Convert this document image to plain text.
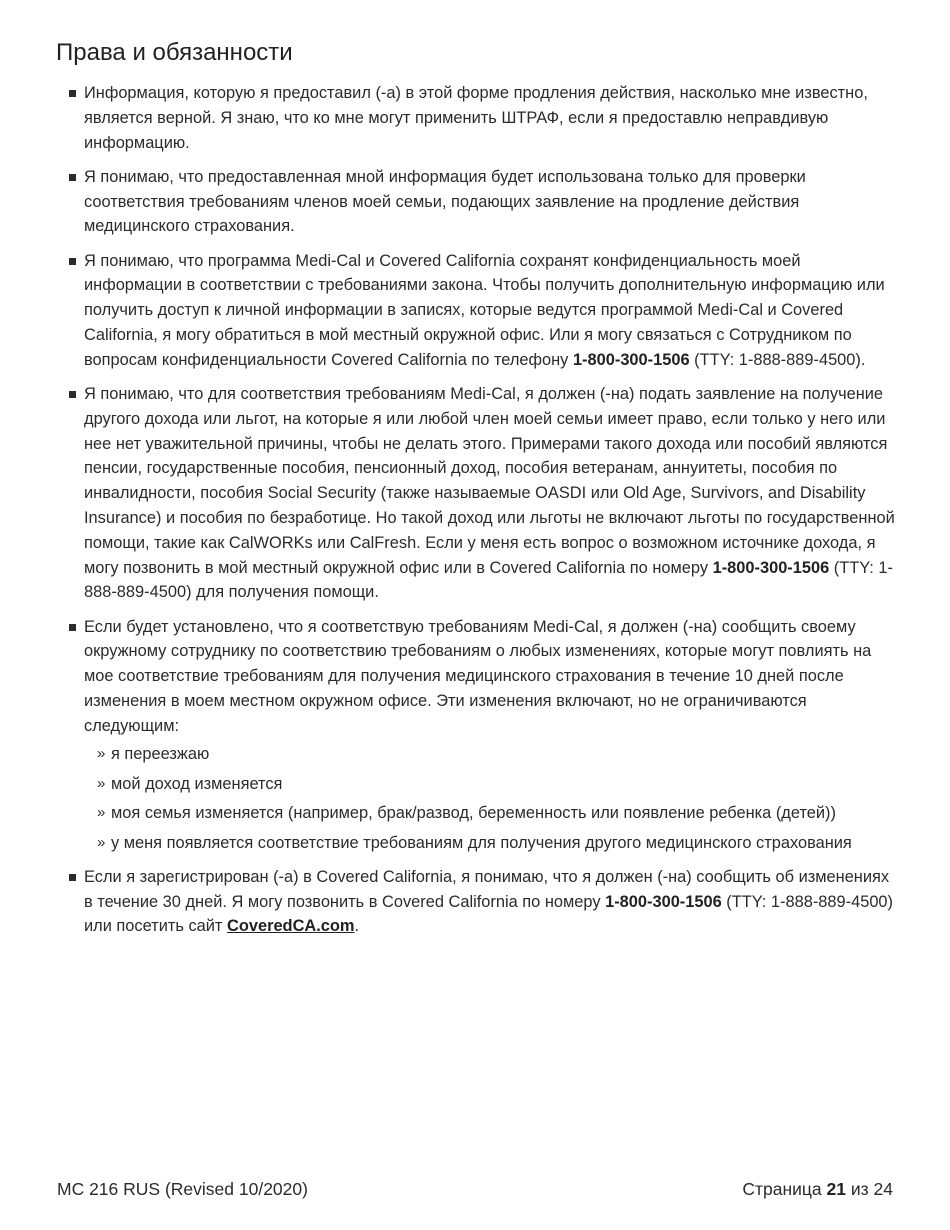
Права и обязанности
Информация, которую я предоставил (-а) в этой форме продления действия, насколько мне известно, является верной. Я знаю, что ко мне могут применить ШТРАФ, если я предоставлю неправдивую информацию.
Я понимаю, что предоставленная мной информация будет использована только для проверки соответствия требованиям членов моей семьи, подающих заявление на продление действия медицинского страхования.
Я понимаю, что программа Medi-Cal и Covered California сохранят конфиденциальность моей информации в соответствии с требованиями закона. Чтобы получить дополнительную информацию или получить доступ к личной информации в записях, которые ведутся программой Medi-Cal и Covered California, я могу обратиться в мой местный окружной офис. Или я могу связаться с Сотрудником по вопросам конфиденциальности Covered California по телефону 1-800-300-1506 (TTY: 1-888-889-4500).
Я понимаю, что для соответствия требованиям Medi-Cal, я должен (-на) подать заявление на получение другого дохода или льгот, на которые я или любой член моей семьи имеет право, если только у него или нее нет уважительной причины, чтобы не делать этого. Примерами такого дохода или пособий являются пенсии, государственные пособия, пенсионный доход, пособия ветеранам, аннуитеты, пособия по инвалидности, пособия Social Security (также называемые OASDI или Old Age, Survivors, and Disability Insurance) и пособия по безработице. Но такой доход или льготы не включают льготы по государственной помощи, такие как CalWORKs или CalFresh. Если у меня есть вопрос о возможном источнике дохода, я могу позвонить в мой местный окружной офис или в Covered California по номеру 1-800-300-1506 (TTY: 1-888-889-4500) для получения помощи.
Если будет установлено, что я соответствую требованиям Medi-Cal, я должен (-на) сообщить своему окружному сотруднику по соответствию требованиям о любых изменениях, которые могут повлиять на мое соответствие требованиям для получения медицинского страхования в течение 10 дней после изменения в моем местном окружном офисе. Эти изменения включают, но не ограничиваются следующим:
» я переезжаю
» мой доход изменяется
» моя семья изменяется (например, брак/развод, беременность или появление ребенка (детей))
» у меня появляется соответствие требованиям для получения другого медицинского страхования
Если я зарегистрирован (-а) в Covered California, я понимаю, что я должен (-на) сообщить об изменениях в течение 30 дней. Я могу позвонить в Covered California по номеру 1-800-300-1506 (TTY: 1-888-889-4500) или посетить сайт CoveredCA.com.
MC 216 RUS (Revised 10/2020)	Страница 21 из 24
